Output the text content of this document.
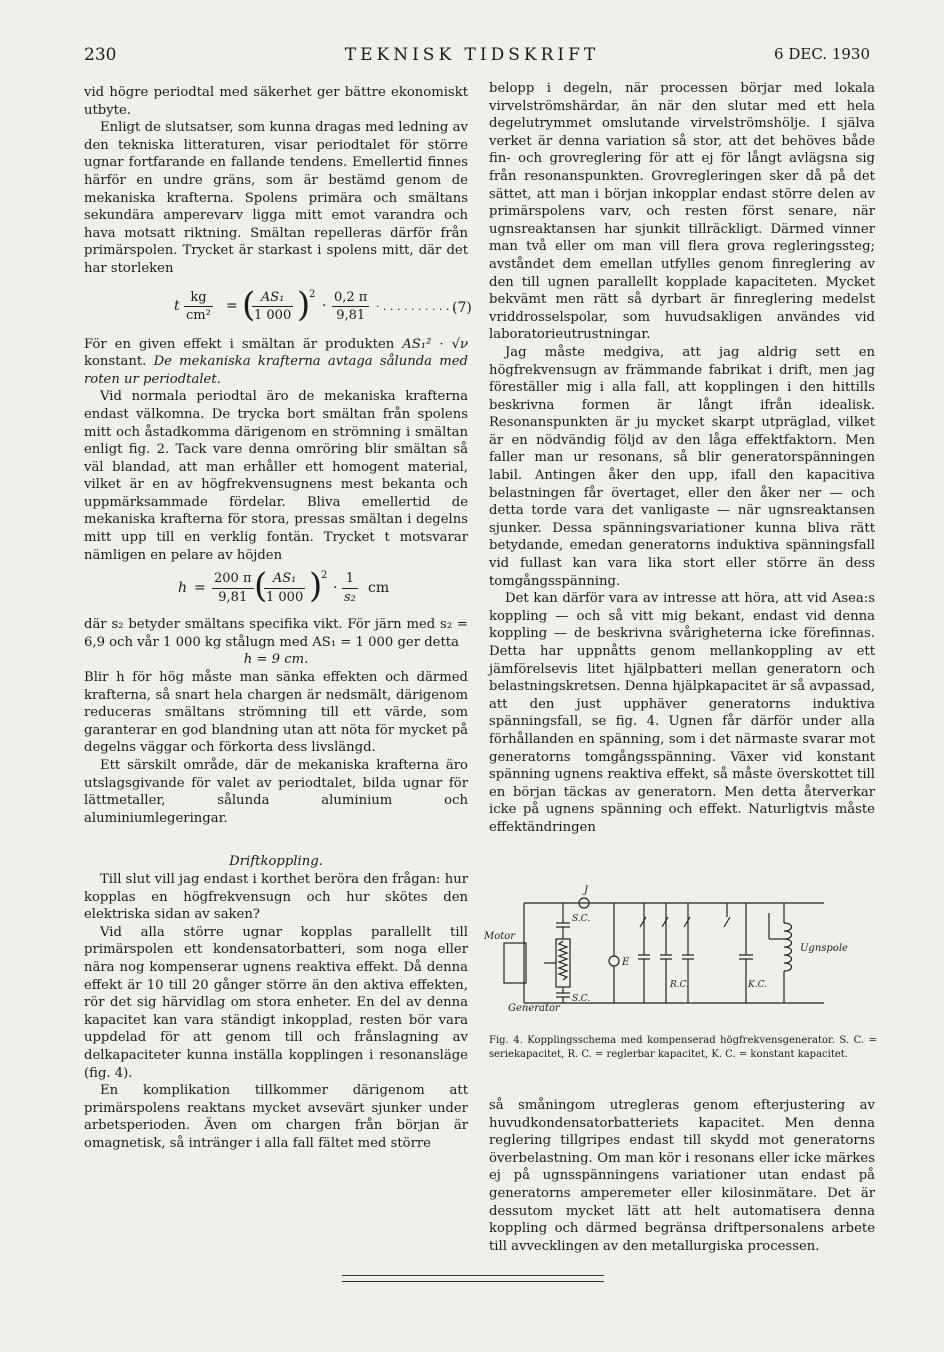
230	TEKNISK TIDSKRIFT	6 DEC. 1930

vid högre periodtal med säkerhet ger bättre ekonomiskt utbyte.

Enligt de slutsatser, som kunna dragas med ledning av den tekniska litteraturen, visar periodtalet för större ugnar fortfarande en fallande tendens. Emellertid finnes härför en undre gräns, som är bestämd genom de mekaniska krafterna. Spolens primära och smältans sekundära amperevarv ligga mitt emot varandra och hava motsatt riktning. Smältan repelleras därför från primärspolen. Trycket är starkast i spolens mitt, där det har storleken

t $\frac{kg}{\text{cm²}}$ = (
$\frac{\text{AS₁}}{1 000}$ )
2
· $\frac{0,2 \pi}{9,81}$ · . . . . . . . . . . .
(7)

För en given effekt i smältan är produkten AS₁² · √ν konstant. De mekaniska krafterna avtaga sålunda med roten ur periodtalet.

Vid normala periodtal äro de mekaniska krafterna endast välkomna. De trycka bort smältan från spolens mitt och åstadkomma därigenom en strömning i smältan enligt fig. 2. Tack vare denna omröring blir smältan så väl blandad, att man erhåller ett homogent material, vilket är en av högfrekvensugnens mest bekanta och uppmärksammade fördelar. Bliva emellertid de mekaniska krafterna för stora, pressas smältan i degelns mitt upp till en verklig fontän. Trycket t motsvarar nämligen en pelare av höjden

$h = \frac{200 \pi}{9,81}$ (
$\frac{\text{AS₁}}{1 000}$ )
2
· $\frac{1}{\text{s₂}}$ cm

där s₂ betyder smältans specifika vikt. För järn med s₂ = 6,9 och vår 1 000 kg stålugn med AS₁ = 1 000 ger detta

h = 9 cm.

Blir h för hög måste man sänka effekten och därmed krafterna, så snart hela chargen är nedsmält, därigenom reduceras smältans strömning till ett värde, som garanterar en god blandning utan att nöta för mycket på degelns väggar och förkorta dess livslängd.

Ett särskilt område, där de mekaniska krafterna äro utslagsgivande för valet av periodtalet, bilda ugnar för lättmetaller, sålunda aluminium och aluminiumlegeringar.

Driftkoppling.

Till slut vill jag endast i korthet beröra den frågan: hur kopplas en högfrekvensugn och hur skötes den elektriska sidan av saken?

Vid alla större ugnar kopplas parallellt till primärspolen ett kondensatorbatteri, som noga eller nära nog kompenserar ugnens reaktiva effekt. Då denna effekt är 10 till 20 gånger större än den aktiva effekten, rör det sig härvidlag om stora enheter. En del av denna kapacitet kan vara ständigt inkopplad, resten bör vara uppdelad för att genom till och frånslagning av delkapaciteter kunna inställa kopplingen i resonansläge (fig. 4).

En komplikation tillkommer därigenom att primärspolens reaktans mycket avsevärt sjunker under arbetsperioden. Även om chargen från början är omagnetisk, så intränger i alla fall fältet med större

belopp i degeln, när processen börjar med lokala virvelströmshärdar, än när den slutar med ett hela degelutrymmet omslutande virvelströmshölje. I själva verket är denna variation så stor, att det behöves både fin- och grovreglering för att ej för långt avlägsna sig från resonanspunkten. Grovregleringen sker då på det sättet, att man i början inkopplar endast större delen av primärspolens varv, och resten först senare, när ugnsreaktansen har sjunkit tillräckligt. Därmed vinner man två eller om man vill flera grova regleringssteg; avståndet dem emellan utfylles genom finreglering av den till ugnen parallellt kopplade kapaciteten. Mycket bekvämt men rätt så dyrbart är finreglering medelst vriddrosselspolar, som huvudsakligen användes vid laboratorieutrustningar.

Jag måste medgiva, att jag aldrig sett en högfrekvensugn av främmande fabrikat i drift, men jag föreställer mig i alla fall, att kopplingen i den hittills beskrivna formen är långt ifrån idealisk. Resonanspunkten är ju mycket skarpt utpräglad, vilket är en nödvändig följd av den låga effektfaktorn. Men faller man ur resonans, så blir generatorspänningen labil. Antingen åker den upp, ifall den kapacitiva belastningen får övertaget, eller den åker ner — och detta torde vara det vanligaste — när ugnsreaktansen sjunker. Dessa spänningsvariationer kunna bliva rätt betydande, emedan generatorns induktiva spänningsfall vid fullast kan vara lika stort eller större än dess tomgångsspänning.

Det kan därför vara av intresse att höra, att vid Asea:s koppling — och så vitt mig bekant, endast vid denna koppling — de beskrivna svårigheterna icke förefinnas. Detta har uppnåtts genom mellankoppling av ett jämförelsevis litet hjälpbatteri mellan generatorn och belastningskretsen. Denna hjälpkapacitet är så avpassad, att den just upphäver generatorns induktiva spänningsfall, se fig. 4. Ugnen får därför under alla förhållanden en spänning, som i det närmaste svarar mot generatorns tomgångsspänning. Växer vid konstant spänning ugnens reaktiva effekt, så måste överskottet till en början täckas av generatorn. Men detta återverkar icke på ugnens spänning och effekt. Naturligtvis måste effektändringen

Motor
Generator
S.C.
S.C.
J
E
R.C.	K.C.
Ugnspole
Fig. 4. Kopplingsschema med kompenserad högfrekvensgenerator. S. C. = seriekapacitet, R. C. = reglerbar kapacitet, K. C. = konstant kapacitet.

så småningom utregleras genom efterjustering av huvudkondensatorbatteriets kapacitet. Men denna reglering tillgripes endast till skydd mot generatorns överbelastning. Om man kör i resonans eller icke märkes ej på ugnsspänningens variationer utan endast på generatorns amperemeter eller kilosinmätare. Det är dessutom mycket lätt att helt automatisera denna koppling och därmed begränsa driftpersonalens arbete till avvecklingen av den metallurgiska processen.
